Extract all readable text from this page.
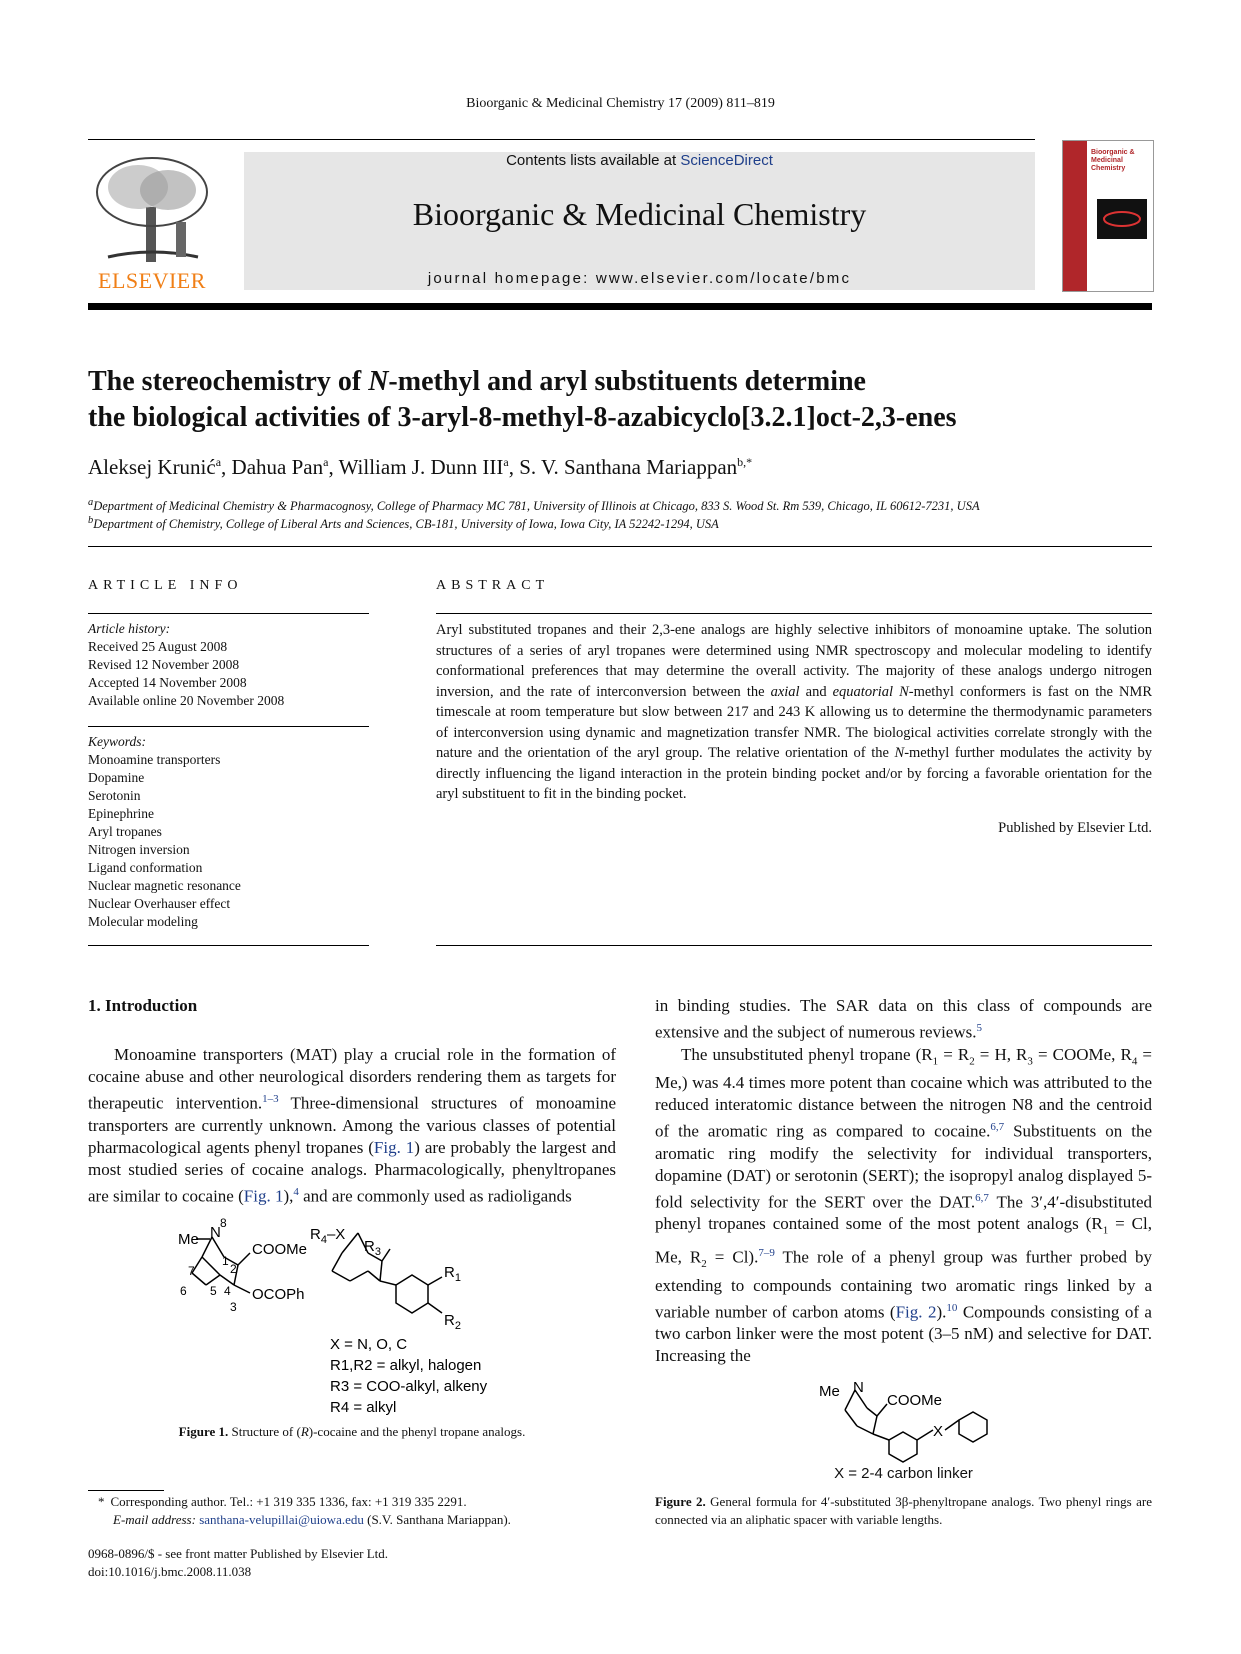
Bioorganic & Medicinal Chemistry 17 (2009) 811–819
ELSEVIER
Contents lists available at ScienceDirect
Bioorganic & Medicinal Chemistry
journal homepage: www.elsevier.com/locate/bmc
Bioorganic & Medicinal Chemistry
The stereochemistry of N-methyl and aryl substituents determine
the biological activities of 3-aryl-8-methyl-8-azabicyclo[3.2.1]oct-2,3-enes
Aleksej Krunić$^a$, Dahua Pan$^a$, William J. Dunn III$^a$, S. V. Santhana Mariappan$^{b,*}$
$^a$Department of Medicinal Chemistry & Pharmacognosy, College of Pharmacy MC 781, University of Illinois at Chicago, 833 S. Wood St. Rm 539, Chicago, IL 60612-7231, USA
$^b$Department of Chemistry, College of Liberal Arts and Sciences, CB-181, University of Iowa, Iowa City, IA 52242-1294, USA
ARTICLE INFO
Article history:
Received 25 August 2008
Revised 12 November 2008
Accepted 14 November 2008
Available online 20 November 2008
Keywords:
Monoamine transporters
Dopamine
Serotonin
Epinephrine
Aryl tropanes
Nitrogen inversion
Ligand conformation
Nuclear magnetic resonance
Nuclear Overhauser effect
Molecular modeling
ABSTRACT
Aryl substituted tropanes and their 2,3-ene analogs are highly selective inhibitors of monoamine uptake. The solution structures of a series of aryl tropanes were determined using NMR spectroscopy and molecular modeling to identify conformational preferences that may determine the overall activity. The majority of these analogs undergo nitrogen inversion, and the rate of interconversion between the axial and equatorial N-methyl conformers is fast on the NMR timescale at room temperature but slow between 217 and 243 K allowing us to determine the thermodynamic parameters of interconversion using dynamic and magnetization transfer NMR. The biological activities correlate strongly with the nature and the orientation of the aryl group. The relative orientation of the N-methyl further modulates the activity by directly influencing the ligand interaction in the protein binding pocket and/or by forcing a favorable orientation for the aryl substituent to fit in the binding pocket.
Published by Elsevier Ltd.
1. Introduction
Monoamine transporters (MAT) play a crucial role in the formation of cocaine abuse and other neurological disorders rendering them as targets for therapeutic intervention.$^{1-3}$ Three-dimensional structures of monoamine transporters are currently unknown. Among the various classes of potential pharmacological agents phenyl tropanes (Fig. 1) are probably the largest and most studied series of cocaine analogs. Pharmacologically, phenyltropanes are similar to cocaine (Fig. 1),$^4$ and are commonly used as radioligands
in binding studies. The SAR data on this class of compounds are extensive and the subject of numerous reviews.$^5$
The unsubstituted phenyl tropane ($R_1 = R_2 = H$, $R_3$ = COOMe, $R_4 = Me$,) was 4.4 times more potent than cocaine which was attributed to the reduced interatomic distance between the nitrogen N8 and the centroid of the aromatic ring as compared to cocaine.$^{6,7}$ Substituents on the aromatic ring modify the selectivity for individual transporters, dopamine (DAT) or serotonin (SERT); the isopropyl analog displayed 5-fold selectivity for the SERT over the DAT.$^{6,7}$ The 3′,4′-disubstituted phenyl tropanes contained some of the most potent analogs ($R_1 = Cl$, Me, $R_2 = Cl).^{7-9}$ The role of a phenyl group was further probed by extending to compounds containing two aromatic rings linked by a variable number of carbon atoms (Fig. 2).$^{10}$ Compounds consisting of a two carbon linker were the most potent (3–5 nM) and selective for DAT. Increasing the
Me N
8
COOMe
OCOPh
1
2
3
4
5
6
7
$R_4-X$
$R_3$
$R_1$
$R_2$
X = N, O, C
R1,R2 = alkyl, halogen
R3 = COO-alkyl, alkeny
R4 = alkyl
Figure 1. Structure of (R)-cocaine and the phenyl tropane analogs.
Me N
COOMe
X
X = 2-4 carbon linker
Figure 2. General formula for 4′-substituted 3β-phenyltropane analogs. Two phenyl rings are connected via an aliphatic spacer with variable lengths.
* Corresponding author. Tel.: +1 319 335 1336, fax: +1 319 335 2291.
E-mail address: santhana-velupillai@uiowa.edu (S.V. Santhana Mariappan).
0968-0896/$ - see front matter Published by Elsevier Ltd.
doi:10.1016/j.bmc.2008.11.038
